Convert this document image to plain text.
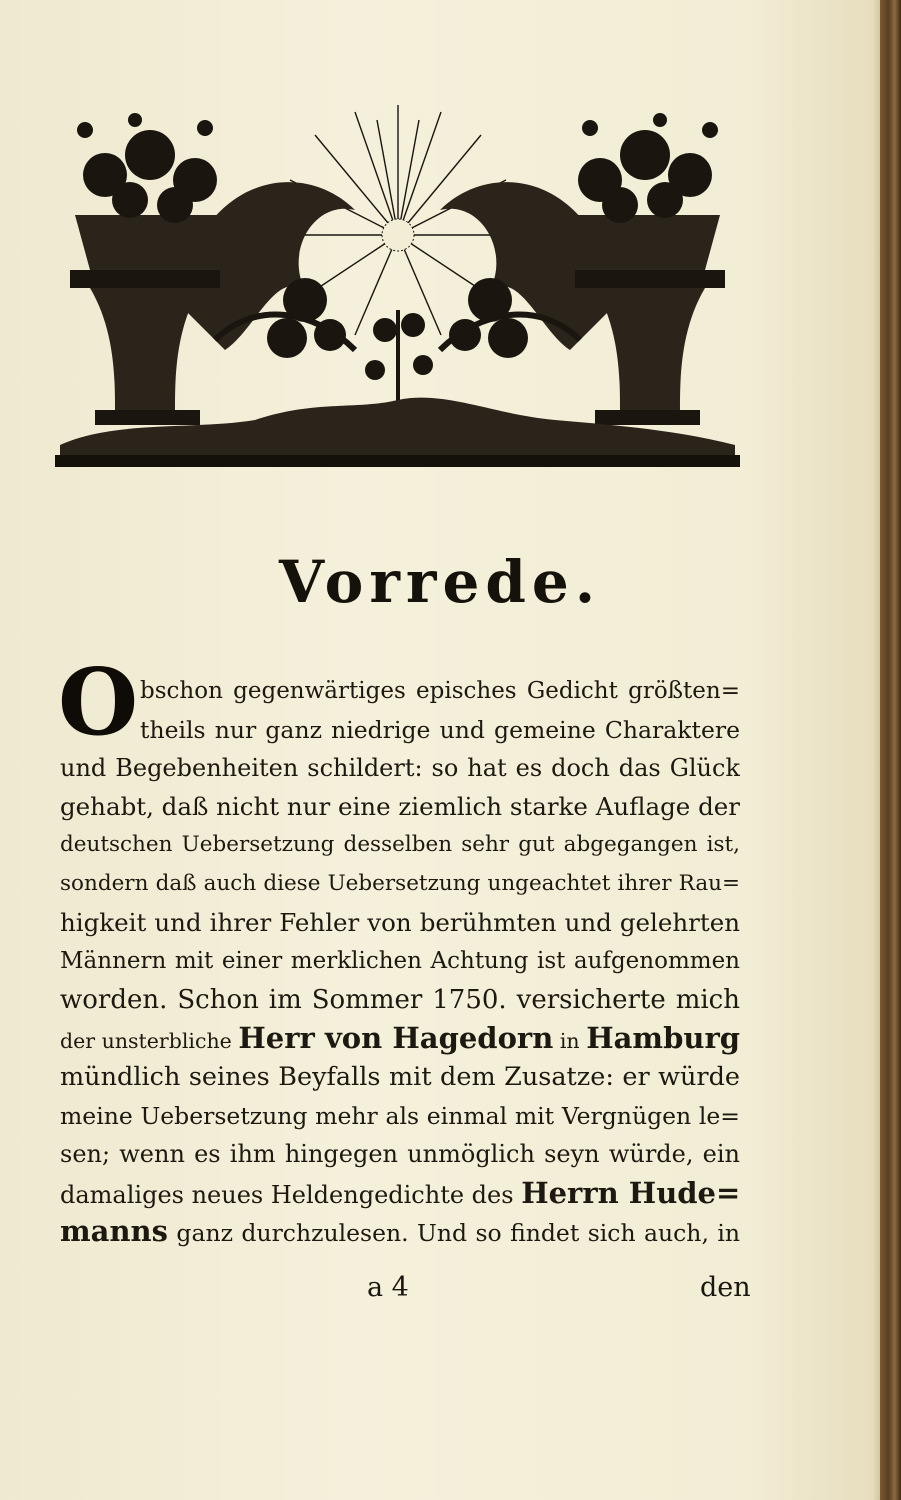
Vorrede.
O bschon gegenwärtiges episches Gedicht größten=
theils nur ganz niedrige und gemeine Charaktere
und Begebenheiten schildert: so hat es doch das Glück
gehabt, daß nicht nur eine ziemlich starke Auflage der
deutschen Uebersetzung desselben sehr gut abgegangen ist,
sondern daß auch diese Uebersetzung ungeachtet ihrer Rau=
higkeit und ihrer Fehler von berühmten und gelehrten
Männern mit einer merklichen Achtung ist aufgenommen
worden. Schon im Sommer 1750. versicherte mich
der unsterbliche Herr von Hagedorn in Hamburg
mündlich seines Beyfalls mit dem Zusatze: er würde
meine Uebersetzung mehr als einmal mit Vergnügen le=
sen; wenn es ihm hingegen unmöglich seyn würde, ein
damaliges neues Heldengedichte des Herrn Hude=
manns ganz durchzulesen. Und so findet sich auch, in
a 4	den
